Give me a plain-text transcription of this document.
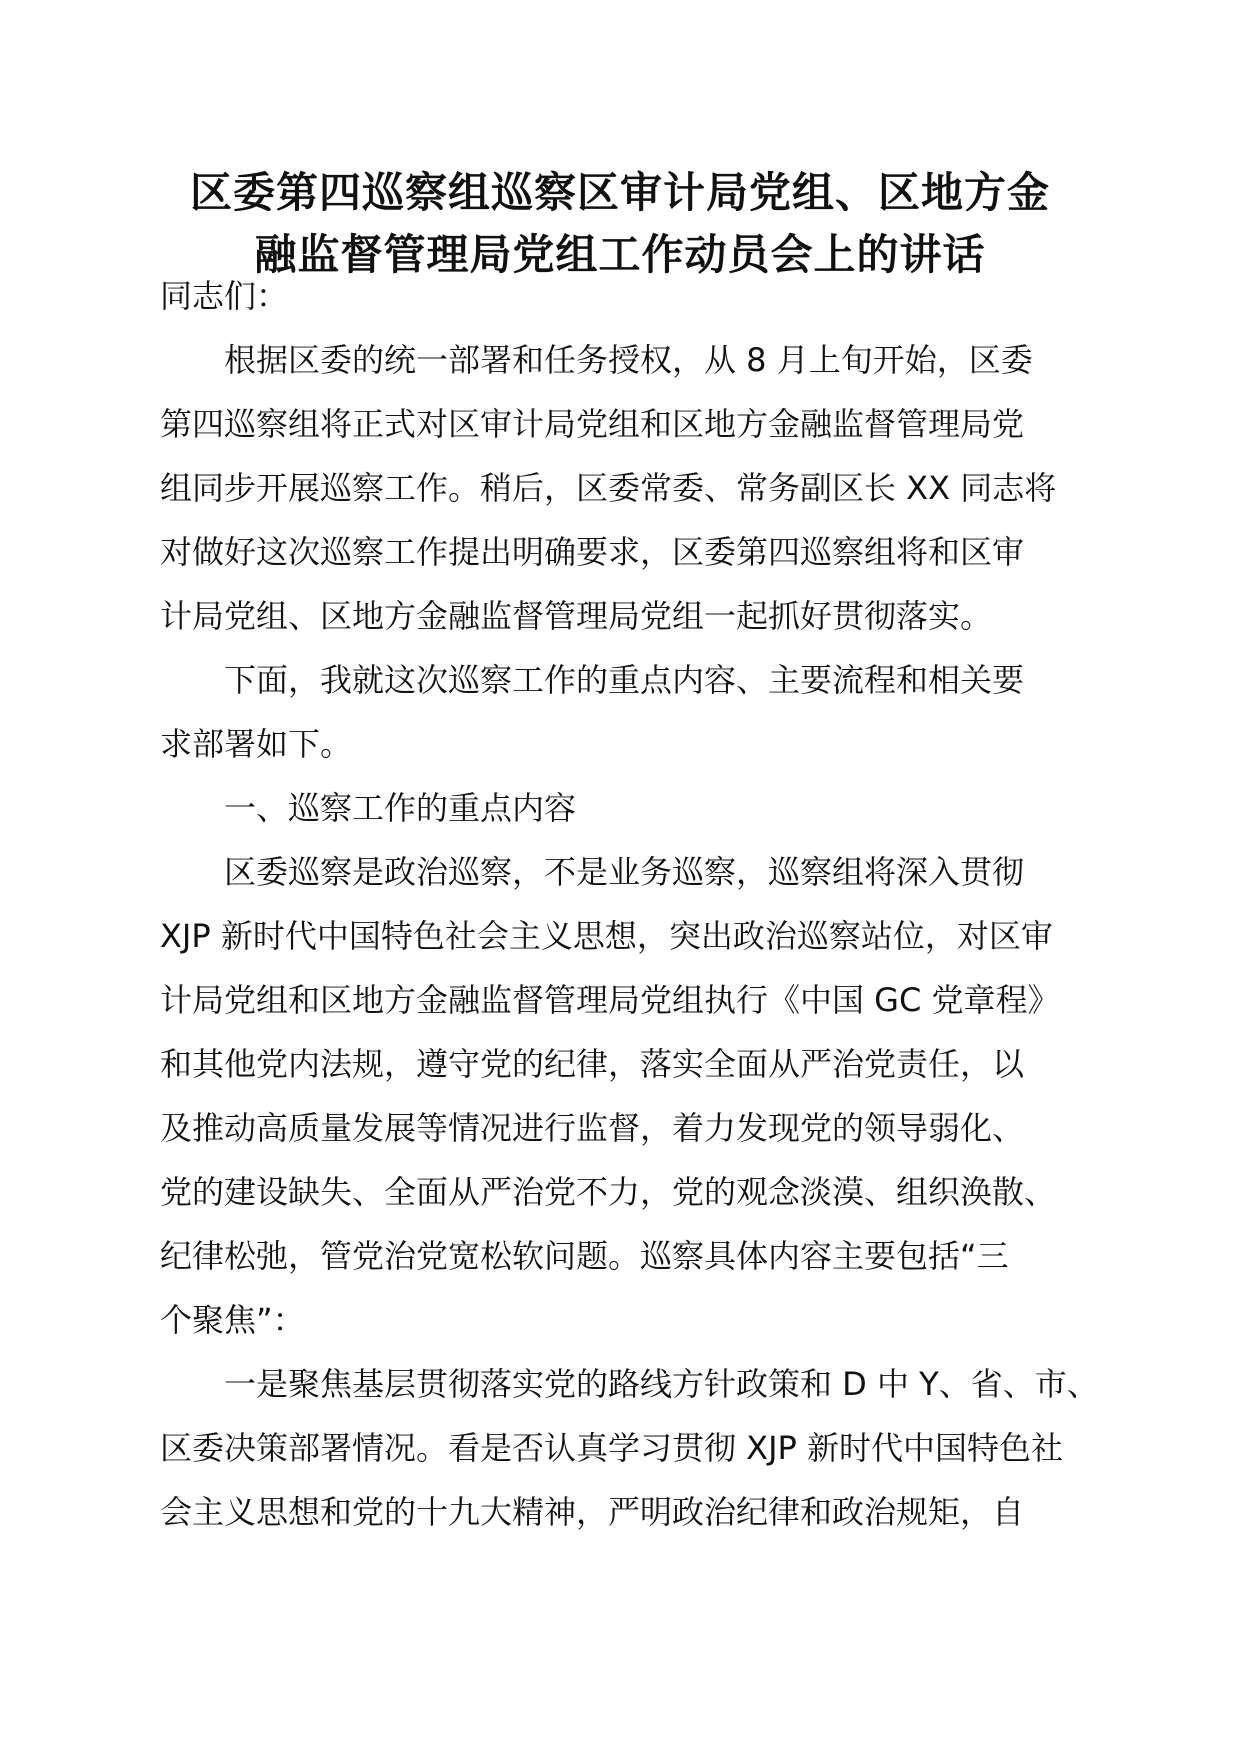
区委第四巡察组巡察区审计局党组、区地方金
融监督管理局党组工作动员会上的讲话
同志们：
根据区委的统一部署和任务授权，从 8 月上旬开始，区委
第四巡察组将正式对区审计局党组和区地方金融监督管理局党
组同步开展巡察工作。稍后，区委常委、常务副区长 XX 同志将
对做好这次巡察工作提出明确要求，区委第四巡察组将和区审
计局党组、区地方金融监督管理局党组一起抓好贯彻落实。
下面，我就这次巡察工作的重点内容、主要流程和相关要
求部署如下。
一、巡察工作的重点内容
区委巡察是政治巡察，不是业务巡察，巡察组将深入贯彻
XJP 新时代中国特色社会主义思想，突出政治巡察站位，对区审
计局党组和区地方金融监督管理局党组执行《中国 GC 党章程》
和其他党内法规，遵守党的纪律，落实全面从严治党责任，以
及推动高质量发展等情况进行监督，着力发现党的领导弱化、
党的建设缺失、全面从严治党不力，党的观念淡漠、组织涣散、
纪律松弛，管党治党宽松软问题。巡察具体内容主要包括“三
个聚焦”：
一是聚焦基层贯彻落实党的路线方针政策和 D 中 Y、省、市、
区委决策部署情况。看是否认真学习贯彻 XJP 新时代中国特色社
会主义思想和党的十九大精神，严明政治纪律和政治规矩，自
